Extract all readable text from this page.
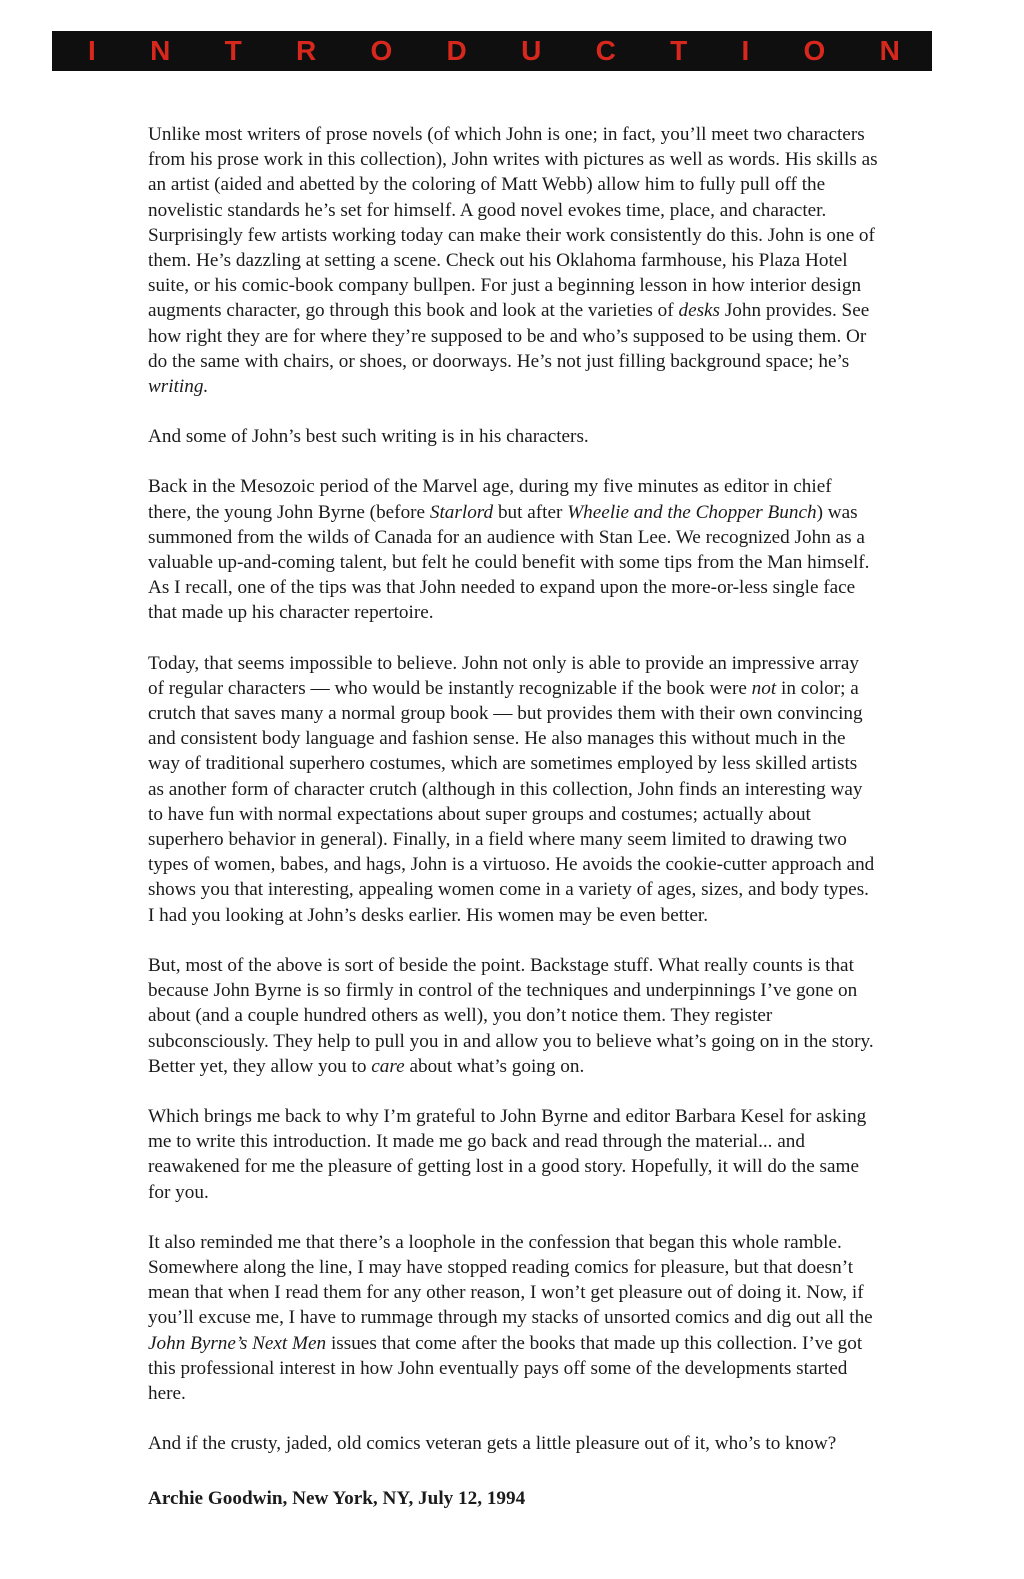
I N T R O D U C T I O N

Unlike most writers of prose novels (of which John is one; in fact, you’ll meet two characters from his prose work in this collection), John writes with pictures as well as words. His skills as an artist (aided and abetted by the coloring of Matt Webb) allow him to fully pull off the novelistic standards he’s set for himself. A good novel evokes time, place, and character. Surprisingly few artists working today can make their work consistently do this. John is one of them. He’s dazzling at setting a scene. Check out his Oklahoma farmhouse, his Plaza Hotel suite, or his comic-book company bullpen. For just a beginning lesson in how interior design augments character, go through this book and look at the varieties of desks John provides. See how right they are for where they’re supposed to be and who’s supposed to be using them. Or do the same with chairs, or shoes, or doorways. He’s not just filling background space; he’s writing.

And some of John’s best such writing is in his characters.

Back in the Mesozoic period of the Marvel age, during my five minutes as editor in chief there, the young John Byrne (before Starlord but after Wheelie and the Chopper Bunch) was summoned from the wilds of Canada for an audience with Stan Lee. We recognized John as a valuable up-and-coming talent, but felt he could benefit with some tips from the Man himself. As I recall, one of the tips was that John needed to expand upon the more-or-less single face that made up his character repertoire.

Today, that seems impossible to believe. John not only is able to provide an impressive array of regular characters — who would be instantly recognizable if the book were not in color; a crutch that saves many a normal group book — but provides them with their own convincing and consistent body language and fashion sense. He also manages this without much in the way of traditional superhero costumes, which are sometimes employed by less skilled artists as another form of character crutch (although in this collection, John finds an interesting way to have fun with normal expectations about super groups and costumes; actually about superhero behavior in general). Finally, in a field where many seem limited to drawing two types of women, babes, and hags, John is a virtuoso. He avoids the cookie-cutter approach and shows you that interesting, appealing women come in a variety of ages, sizes, and body types. I had you looking at John’s desks earlier. His women may be even better.

But, most of the above is sort of beside the point. Backstage stuff. What really counts is that because John Byrne is so firmly in control of the techniques and underpinnings I’ve gone on about (and a couple hundred others as well), you don’t notice them. They register subconsciously. They help to pull you in and allow you to believe what’s going on in the story. Better yet, they allow you to care about what’s going on.

Which brings me back to why I’m grateful to John Byrne and editor Barbara Kesel for asking me to write this introduction. It made me go back and read through the material... and reawakened for me the pleasure of getting lost in a good story. Hopefully, it will do the same for you.

It also reminded me that there’s a loophole in the confession that began this whole ramble. Somewhere along the line, I may have stopped reading comics for pleasure, but that doesn’t mean that when I read them for any other reason, I won’t get pleasure out of doing it. Now, if you’ll excuse me, I have to rummage through my stacks of unsorted comics and dig out all the John Byrne’s Next Men issues that come after the books that made up this collection. I’ve got this professional interest in how John eventually pays off some of the developments started here.

And if the crusty, jaded, old comics veteran gets a little pleasure out of it, who’s to know?

Archie Goodwin, New York, NY, July 12, 1994
